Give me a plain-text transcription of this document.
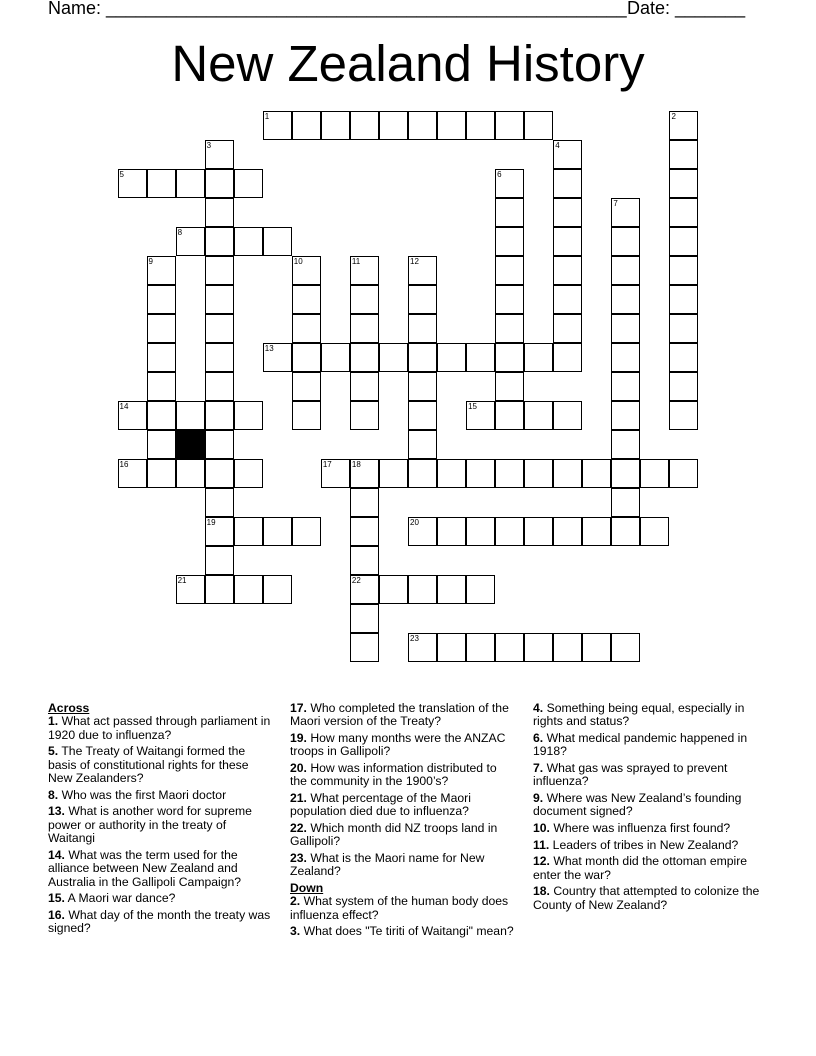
Name: ____________________________________________________ Date: _______
New Zealand History
1	2
3
19
4
5	6
7
8
9	10	11	12
13
14	15
16	17	18
22
20
21
23

Across

1. What act passed through parliament in 1920 due to influenza?

5. The Treaty of Waitangi formed the basis of constitutional rights for these New Zealanders?

8. Who was the first Maori doctor

13. What is another word for supreme power or authority in the treaty of Waitangi

14. What was the term used for the alliance between New Zealand and Australia in the Gallipoli Campaign?

15. A Maori war dance?

16. What day of the month the treaty was signed?

17. Who completed the translation of the Maori version of the Treaty?

19. How many months were the ANZAC troops in Gallipoli?

20. How was information distributed to the community in the 1900’s?

21. What percentage of the Maori population died due to influenza?

22. Which month did NZ troops land in Gallipoli?

23. What is the Maori name for New Zealand?

Down

2. What system of the human body does influenza effect?

3. What does "Te tiriti of Waitangi" mean?

4. Something being equal, especially in rights and status?

6. What medical pandemic happened in 1918?

7. What gas was sprayed to prevent influenza?

9. Where was New Zealand’s founding document signed?

10. Where was influenza first found?

11. Leaders of tribes in New Zealand?

12. What month did the ottoman empire enter the war?

18. Country that attempted to colonize the County of New Zealand?
